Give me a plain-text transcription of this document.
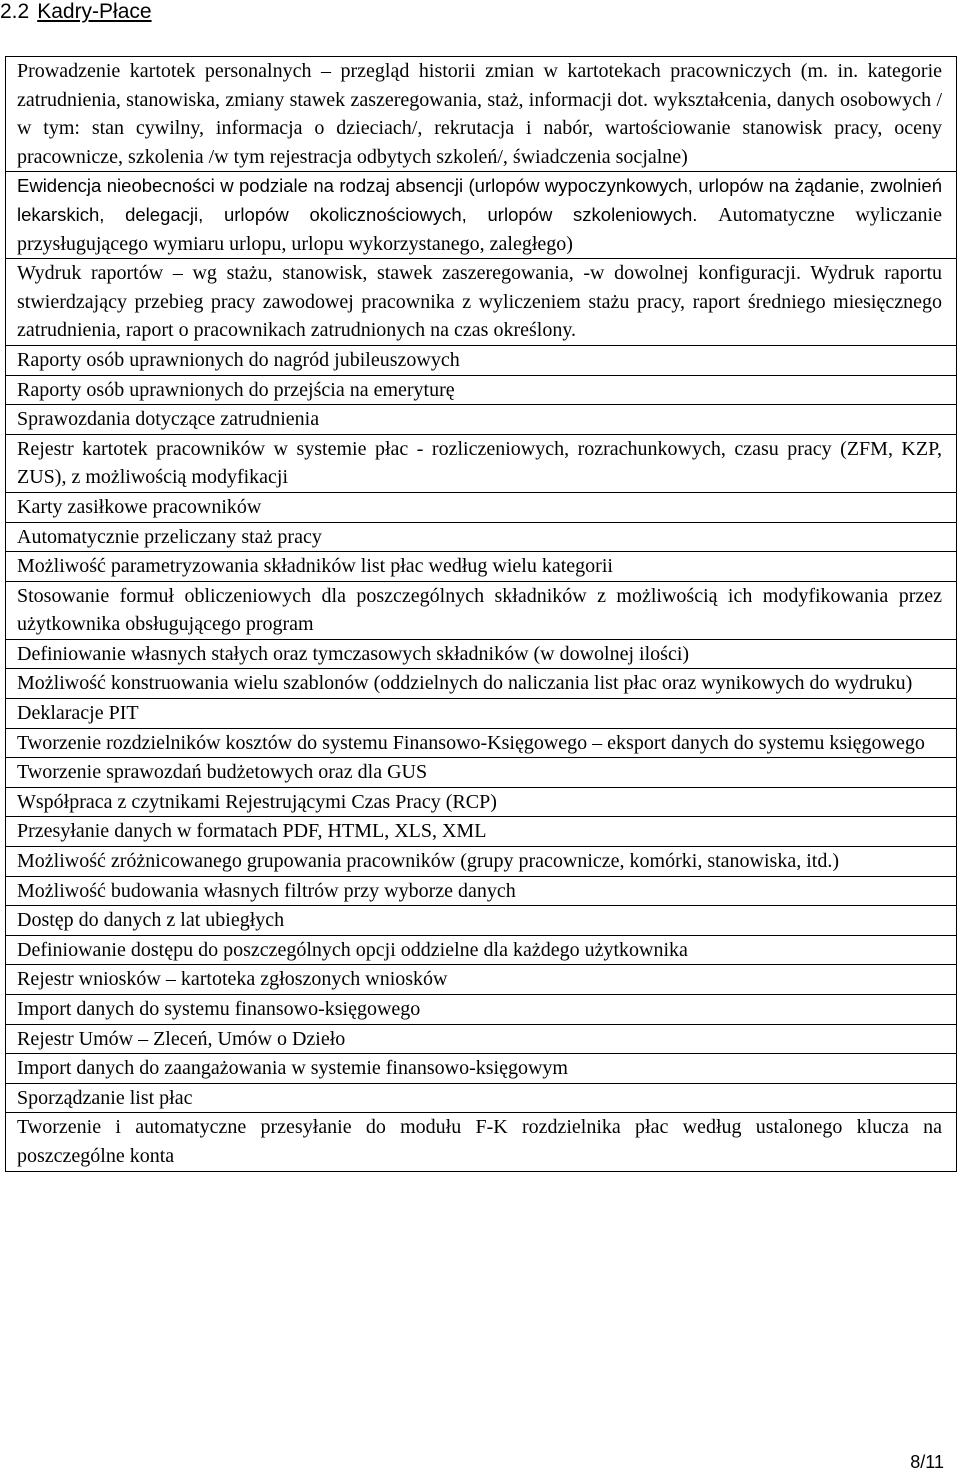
2.2 Kadry-Płace
Prowadzenie kartotek personalnych – przegląd historii zmian w kartotekach pracowniczych (m. in. kategorie zatrudnienia, stanowiska, zmiany stawek zaszeregowania, staż, informacji dot. wykształcenia, danych osobowych / w tym: stan cywilny, informacja o dzieciach/, rekrutacja i nabór, wartościowanie stanowisk pracy, oceny pracownicze, szkolenia /w tym rejestracja odbytych szkoleń/, świadczenia socjalne)
Ewidencja nieobecności w podziale na rodzaj absencji (urlopów wypoczynkowych, urlopów na żądanie, zwolnień lekarskich, delegacji, urlopów okolicznościowych, urlopów szkoleniowych. Automatyczne wyliczanie przysługującego wymiaru urlopu, urlopu wykorzystanego, zaległego)
Wydruk raportów – wg stażu, stanowisk, stawek zaszeregowania, -w dowolnej konfiguracji. Wydruk raportu stwierdzający przebieg pracy zawodowej pracownika z wyliczeniem stażu pracy, raport średniego miesięcznego zatrudnienia, raport o pracownikach zatrudnionych na czas określony.
Raporty osób uprawnionych do nagród jubileuszowych
Raporty osób uprawnionych do przejścia na emeryturę
Sprawozdania dotyczące zatrudnienia
Rejestr kartotek pracowników w systemie płac - rozliczeniowych, rozrachunkowych, czasu pracy (ZFM, KZP, ZUS), z możliwością modyfikacji
Karty zasiłkowe pracowników
Automatycznie przeliczany staż pracy
Możliwość parametryzowania składników list płac według wielu kategorii
Stosowanie formuł obliczeniowych dla poszczególnych składników z możliwością ich modyfikowania przez użytkownika obsługującego program
Definiowanie własnych stałych oraz tymczasowych składników (w dowolnej ilości)
Możliwość konstruowania wielu szablonów (oddzielnych do naliczania list płac oraz wynikowych do wydruku)
Deklaracje PIT
Tworzenie rozdzielników kosztów do systemu Finansowo-Księgowego – eksport danych do systemu księgowego
Tworzenie sprawozdań budżetowych oraz dla GUS
Współpraca z czytnikami Rejestrującymi Czas Pracy (RCP)
Przesyłanie danych w formatach PDF, HTML, XLS, XML
Możliwość zróżnicowanego grupowania pracowników (grupy pracownicze, komórki, stanowiska, itd.)
Możliwość budowania własnych filtrów przy wyborze danych
Dostęp do danych z lat ubiegłych
Definiowanie dostępu do poszczególnych opcji oddzielne dla każdego użytkownika
Rejestr wniosków – kartoteka zgłoszonych wniosków
Import danych do systemu finansowo-księgowego
Rejestr Umów – Zleceń, Umów o Dzieło
Import danych do zaangażowania w systemie finansowo-księgowym
Sporządzanie list płac
Tworzenie i automatyczne przesyłanie do modułu F-K rozdzielnika płac według ustalonego klucza na poszczególne konta
8/11
